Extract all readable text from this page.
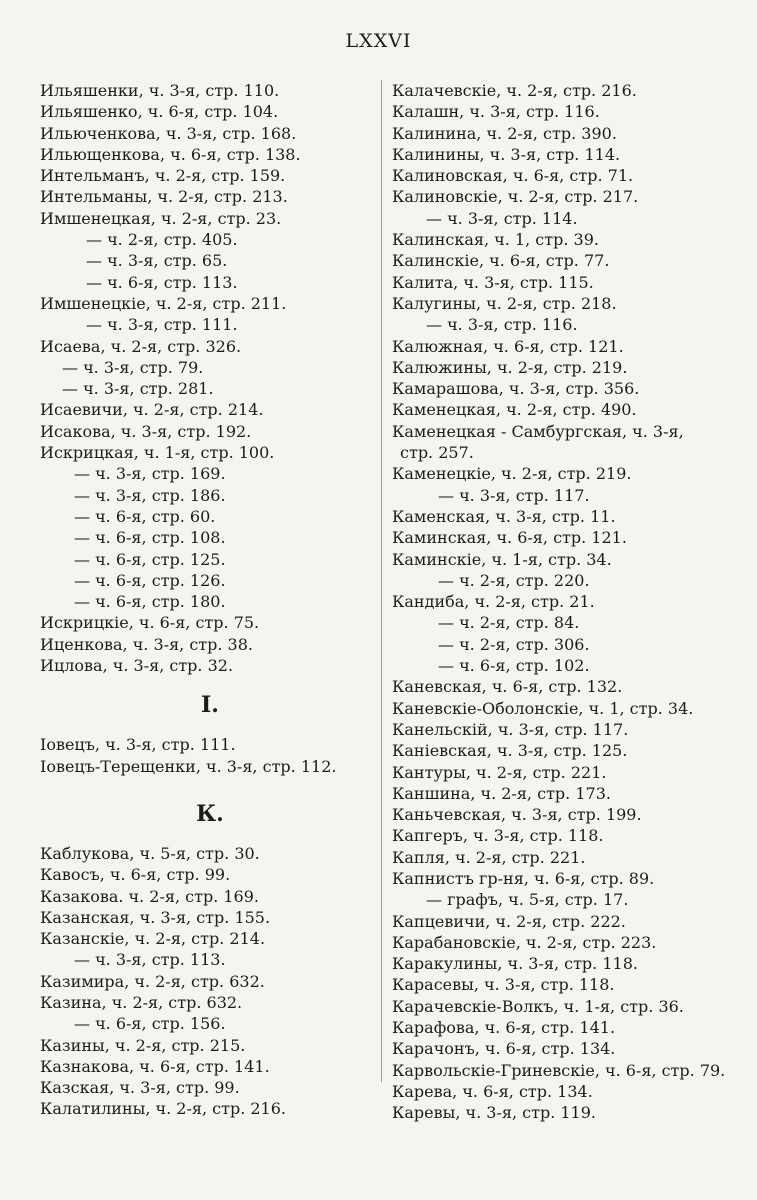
LXXVI
Ильяшенки, ч. 3-я, стр. 110.
Ильяшенко, ч. 6-я, стр. 104.
Ильюченкова, ч. 3-я, стр. 168.
Ильющенкова, ч. 6-я, стр. 138.
Интельманъ, ч. 2-я, стр. 159.
Интельманы, ч. 2-я, стр. 213.
Имшенецкая, ч. 2-я, стр. 23.
— ч. 2-я, стр. 405.
— ч. 3-я, стр. 65.
— ч. 6-я, стр. 113.
Имшенецкіе, ч. 2-я, стр. 211.
— ч. 3-я, стр. 111.
Исаева, ч. 2-я, стр. 326.
— ч. 3-я, стр. 79.
— ч. 3-я, стр. 281.
Исаевичи, ч. 2-я, стр. 214.
Исакова, ч. 3-я, стр. 192.
Искрицкая, ч. 1-я, стр. 100.
— ч. 3-я, стр. 169.
— ч. 3-я, стр. 186.
— ч. 6-я, стр. 60.
— ч. 6-я, стр. 108.
— ч. 6-я, стр. 125.
— ч. 6-я, стр. 126.
— ч. 6-я, стр. 180.
Искрицкіе, ч. 6-я, стр. 75.
Иценкова, ч. 3-я, стр. 38.
Ицлова, ч. 3-я, стр. 32.
I.
Іовецъ, ч. 3-я, стр. 111.
Іовецъ-Терещенки, ч. 3-я, стр. 112.
К.
Каблукова, ч. 5-я, стр. 30.
Кавосъ, ч. 6-я, стр. 99.
Казакова. ч. 2-я, стр. 169.
Казанская, ч. 3-я, стр. 155.
Казанскіе, ч. 2-я, стр. 214.
— ч. 3-я, стр. 113.
Казимира, ч. 2-я, стр. 632.
Казина, ч. 2-я, стр. 632.
— ч. 6-я, стр. 156.
Казины, ч. 2-я, стр. 215.
Казнакова, ч. 6-я, стр. 141.
Казская, ч. 3-я, стр. 99.
Калатилины, ч. 2-я, стр. 216.
Калачевскіе, ч. 2-я, стр. 216.
Калашн, ч. 3-я, стр. 116.
Калинина, ч. 2-я, стр. 390.
Калинины, ч. 3-я, стр. 114.
Калиновская, ч. 6-я, стр. 71.
Калиновскіе, ч. 2-я, стр. 217.
— ч. 3-я, стр. 114.
Калинская, ч. 1, стр. 39.
Калинскіе, ч. 6-я, стр. 77.
Калита, ч. 3-я, стр. 115.
Калугины, ч. 2-я, стр. 218.
— ч. 3-я, стр. 116.
Калюжная, ч. 6-я, стр. 121.
Калюжины, ч. 2-я, стр. 219.
Камарашова, ч. 3-я, стр. 356.
Каменецкая, ч. 2-я, стр. 490.
Каменецкая - Самбургская, ч. 3-я,
стр. 257.
Каменецкіе, ч. 2-я, стр. 219.
— ч. 3-я, стр. 117.
Каменская, ч. 3-я, стр. 11.
Каминская, ч. 6-я, стр. 121.
Каминскіе, ч. 1-я, стр. 34.
— ч. 2-я, стр. 220.
Кандиба, ч. 2-я, стр. 21.
— ч. 2-я, стр. 84.
— ч. 2-я, стр. 306.
— ч. 6-я, стр. 102.
Каневская, ч. 6-я, стр. 132.
Каневскіе-Оболонскіе, ч. 1, стр. 34.
Канельскій, ч. 3-я, стр. 117.
Каніевская, ч. 3-я, стр. 125.
Кантуры, ч. 2-я, стр. 221.
Каншина, ч. 2-я, стр. 173.
Каньчевская, ч. 3-я, стр. 199.
Капгеръ, ч. 3-я, стр. 118.
Капля, ч. 2-я, стр. 221.
Капнистъ гр-ня, ч. 6-я, стр. 89.
— графъ, ч. 5-я, стр. 17.
Капцевичи, ч. 2-я, стр. 222.
Карабановскіе, ч. 2-я, стр. 223.
Каракулины, ч. 3-я, стр. 118.
Карасевы, ч. 3-я, стр. 118.
Карачевскіе-Волкъ, ч. 1-я, стр. 36.
Карафова, ч. 6-я, стр. 141.
Карачонъ, ч. 6-я, стр. 134.
Карвольскіе-Гриневскіе, ч. 6-я, стр. 79.
Карева, ч. 6-я, стр. 134.
Каревы, ч. 3-я, стр. 119.
